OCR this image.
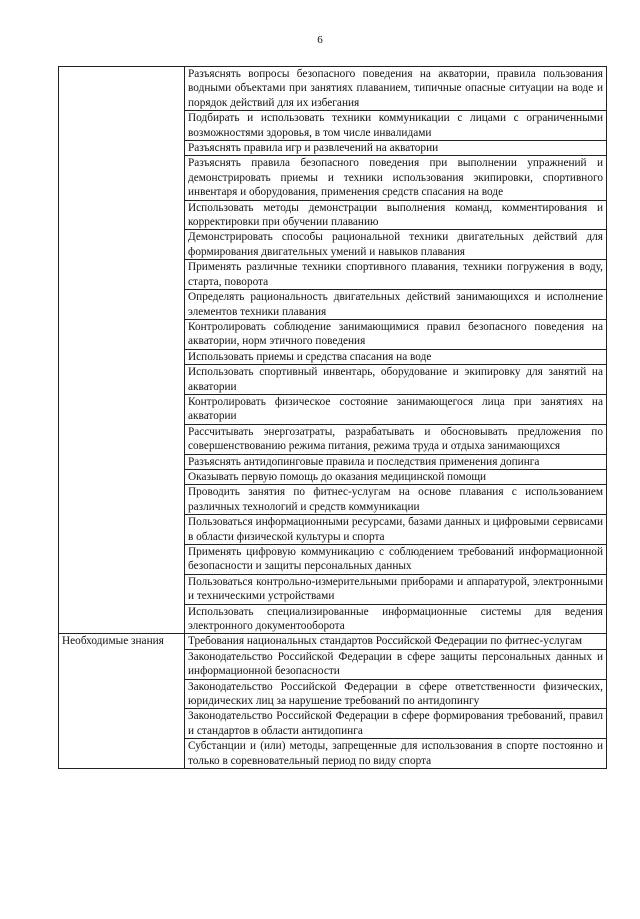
6
	Разъяснять вопросы безопасного поведения на акватории, правила пользования водными объектами при занятиях плаванием, типичные опасные ситуации на воде и порядок действий для их избегания
	Подбирать и использовать техники коммуникации с лицами с ограниченными возможностями здоровья, в том числе инвалидами
	Разъяснять правила игр и развлечений на акватории
	Разъяснять правила безопасного поведения при выполнении упражнений и демонстрировать приемы и техники использования экипировки, спортивного инвентаря и оборудования, применения средств спасания на воде
	Использовать методы демонстрации выполнения команд, комментирования и корректировки при обучении плаванию
	Демонстрировать способы рациональной техники двигательных действий для формирования двигательных умений и навыков плавания
	Применять различные техники спортивного плавания, техники погружения в воду, старта, поворота
	Определять рациональность двигательных действий занимающихся и исполнение элементов техники плавания
	Контролировать соблюдение занимающимися правил безопасного поведения на акватории, норм этичного поведения
	Использовать приемы и средства спасания на воде
	Использовать спортивный инвентарь, оборудование и экипировку для занятий на акватории
	Контролировать физическое состояние занимающегося лица при занятиях на акватории
	Рассчитывать энергозатраты, разрабатывать и обосновывать предложения по совершенствованию режима питания, режима труда и отдыха занимающихся
	Разъяснять антидопинговые правила и последствия применения допинга
	Оказывать первую помощь до оказания медицинской помощи
	Проводить занятия по фитнес-услугам на основе плавания с использованием различных технологий и средств коммуникации
	Пользоваться информационными ресурсами, базами данных и цифровыми сервисами в области физической культуры и спорта
	Применять цифровую коммуникацию с соблюдением требований информационной безопасности и защиты персональных данных
	Пользоваться контрольно-измерительными приборами и аппаратурой, электронными и техническими устройствами
	Использовать специализированные информационные системы для ведения электронного документооборота
Необходимые знания	Требования национальных стандартов Российской Федерации по фитнес-услугам
	Законодательство Российской Федерации в сфере защиты персональных данных и информационной безопасности
	Законодательство Российской Федерации в сфере ответственности физических, юридических лиц за нарушение требований по антидопингу
	Законодательство Российской Федерации в сфере формирования требований, правил и стандартов в области антидопинга
	Субстанции и (или) методы, запрещенные для использования в спорте постоянно и только в соревновательный период по виду спорта
